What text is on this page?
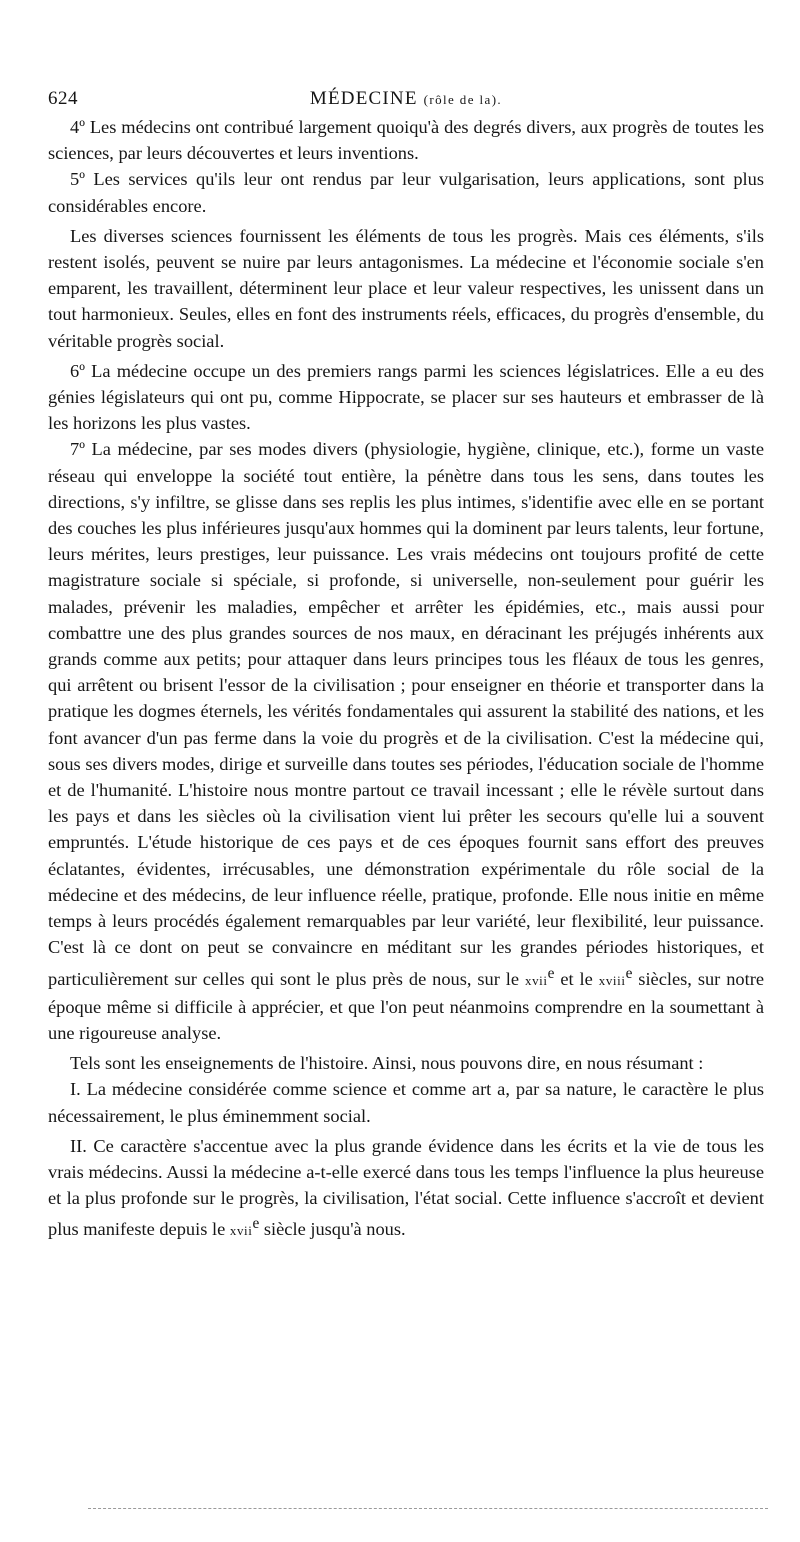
624	MÉDECINE (rôle de la).

4º Les médecins ont contribué largement quoiqu'à des degrés divers, aux progrès de toutes les sciences, par leurs découvertes et leurs inventions.

5º Les services qu'ils leur ont rendus par leur vulgarisation, leurs applications, sont plus considérables encore.

Les diverses sciences fournissent les éléments de tous les progrès. Mais ces éléments, s'ils restent isolés, peuvent se nuire par leurs antagonismes. La médecine et l'économie sociale s'en emparent, les travaillent, déterminent leur place et leur valeur respectives, les unissent dans un tout harmonieux. Seules, elles en font des instruments réels, efficaces, du progrès d'ensemble, du véritable progrès social.

6º La médecine occupe un des premiers rangs parmi les sciences législatrices. Elle a eu des génies législateurs qui ont pu, comme Hippocrate, se placer sur ses hauteurs et embrasser de là les horizons les plus vastes.

7º La médecine, par ses modes divers (physiologie, hygiène, clinique, etc.), forme un vaste réseau qui enveloppe la société tout entière, la pénètre dans tous les sens, dans toutes les directions, s'y infiltre, se glisse dans ses replis les plus intimes, s'identifie avec elle en se portant des couches les plus inférieures jusqu'aux hommes qui la dominent par leurs talents, leur fortune, leurs mérites, leurs prestiges, leur puissance. Les vrais médecins ont toujours profité de cette magistrature sociale si spéciale, si profonde, si universelle, non-seulement pour guérir les malades, prévenir les maladies, empêcher et arrêter les épidémies, etc., mais aussi pour combattre une des plus grandes sources de nos maux, en déracinant les préjugés inhérents aux grands comme aux petits; pour attaquer dans leurs principes tous les fléaux de tous les genres, qui arrêtent ou brisent l'essor de la civilisation ; pour enseigner en théorie et transporter dans la pratique les dogmes éternels, les vérités fondamentales qui assurent la stabilité des nations, et les font avancer d'un pas ferme dans la voie du progrès et de la civilisation. C'est la médecine qui, sous ses divers modes, dirige et surveille dans toutes ses périodes, l'éducation sociale de l'homme et de l'humanité. L'histoire nous montre partout ce travail incessant ; elle le révèle surtout dans les pays et dans les siècles où la civilisation vient lui prêter les secours qu'elle lui a souvent empruntés. L'étude historique de ces pays et de ces époques fournit sans effort des preuves éclatantes, évidentes, irrécusables, une démonstration expérimentale du rôle social de la médecine et des médecins, de leur influence réelle, pratique, profonde. Elle nous initie en même temps à leurs procédés également remarquables par leur variété, leur flexibilité, leur puissance. C'est là ce dont on peut se convaincre en méditant sur les grandes périodes historiques, et particulièrement sur celles qui sont le plus près de nous, sur le xvii$^e$ et le xviii$^e$ siècles, sur notre époque même si difficile à apprécier, et que l'on peut néanmoins comprendre en la soumettant à une rigoureuse analyse.

Tels sont les enseignements de l'histoire. Ainsi, nous pouvons dire, en nous résumant :

I. La médecine considérée comme science et comme art a, par sa nature, le caractère le plus nécessairement, le plus éminemment social.

II. Ce caractère s'accentue avec la plus grande évidence dans les écrits et la vie de tous les vrais médecins. Aussi la médecine a-t-elle exercé dans tous les temps l'influence la plus heureuse et la plus profonde sur le progrès, la civilisation, l'état social. Cette influence s'accroît et devient plus manifeste depuis le xvii$^e$ siècle jusqu'à nous.
